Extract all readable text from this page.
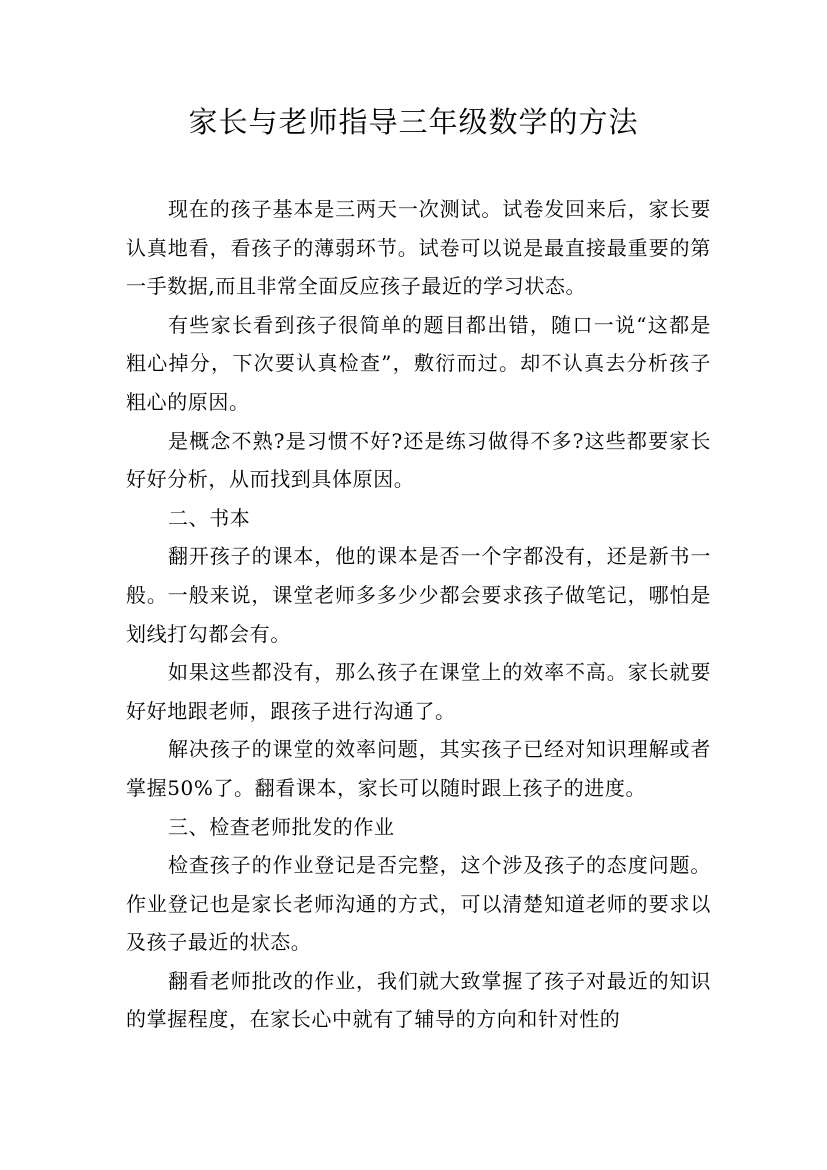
家长与老师指导三年级数学的方法

现在的孩子基本是三两天一次测试。试卷发回来后，家长要认真地看，看孩子的薄弱环节。试卷可以说是最直接最重要的第一手数据,而且非常全面反应孩子最近的学习状态。

有些家长看到孩子很简单的题目都出错，随口一说“这都是粗心掉分，下次要认真检查”，敷衍而过。却不认真去分析孩子粗心的原因。

是概念不熟?是习惯不好?还是练习做得不多?这些都要家长好好分析，从而找到具体原因。

二、书本

翻开孩子的课本，他的课本是否一个字都没有，还是新书一般。一般来说，课堂老师多多少少都会要求孩子做笔记，哪怕是划线打勾都会有。

如果这些都没有，那么孩子在课堂上的效率不高。家长就要好好地跟老师，跟孩子进行沟通了。

解决孩子的课堂的效率问题，其实孩子已经对知识理解或者掌握50%了。翻看课本，家长可以随时跟上孩子的进度。

三、检查老师批发的作业

检查孩子的作业登记是否完整，这个涉及孩子的态度问题。作业登记也是家长老师沟通的方式，可以清楚知道老师的要求以及孩子最近的状态。

翻看老师批改的作业，我们就大致掌握了孩子对最近的知识的掌握程度，在家长心中就有了辅导的方向和针对性的
